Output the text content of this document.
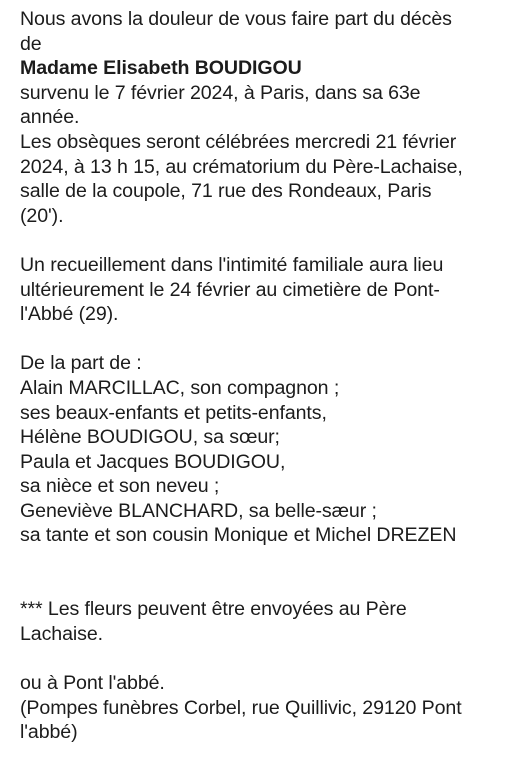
Nous avons la douleur de vous faire part du décès
de
Madame Elisabeth BOUDIGOU
survenu le 7 février 2024, à Paris, dans sa 63e
année.
Les obsèques seront célébrées mercredi 21 février
2024, à 13 h 15, au crématorium du Père-Lachaise,
salle de la coupole, 71 rue des Rondeaux, Paris
(20').
Un recueillement dans l'intimité familiale aura lieu
ultérieurement le 24 février au cimetière de Pont-
l'Abbé (29).
De la part de :
Alain MARCILLAC, son compagnon ;
ses beaux-enfants et petits-enfants,
Hélène BOUDIGOU, sa sœur;
Paula et Jacques BOUDIGOU,
sa nièce et son neveu ;
Geneviève BLANCHARD, sa belle-sæur ;
sa tante et son cousin Monique et Michel DREZEN
*** Les fleurs peuvent être envoyées au Père
Lachaise.
ou à Pont l'abbé.
(Pompes funèbres Corbel, rue Quillivic, 29120 Pont
l'abbé)
